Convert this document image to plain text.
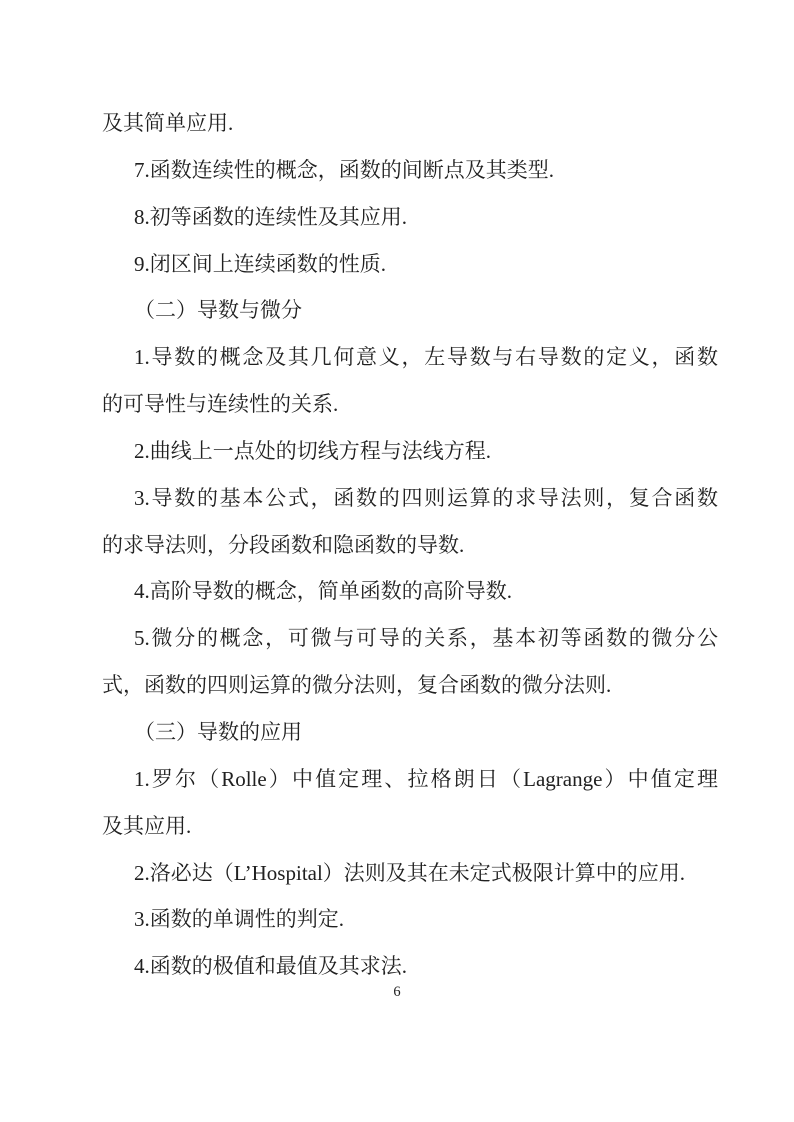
及其简单应用.
7.函数连续性的概念，函数的间断点及其类型.
8.初等函数的连续性及其应用.
9.闭区间上连续函数的性质.
（二）导数与微分
1.导数的概念及其几何意义，左导数与右导数的定义，函数
的可导性与连续性的关系.
2.曲线上一点处的切线方程与法线方程.
3.导数的基本公式，函数的四则运算的求导法则，复合函数
的求导法则，分段函数和隐函数的导数.
4.高阶导数的概念，简单函数的高阶导数.
5.微分的概念，可微与可导的关系，基本初等函数的微分公
式，函数的四则运算的微分法则，复合函数的微分法则.
（三）导数的应用
1.罗尔（Rolle）中值定理、拉格朗日（Lagrange）中值定理
及其应用.
2.洛必达（L’Hospital）法则及其在未定式极限计算中的应用.
3.函数的单调性的判定.
4.函数的极值和最值及其求法.
6
